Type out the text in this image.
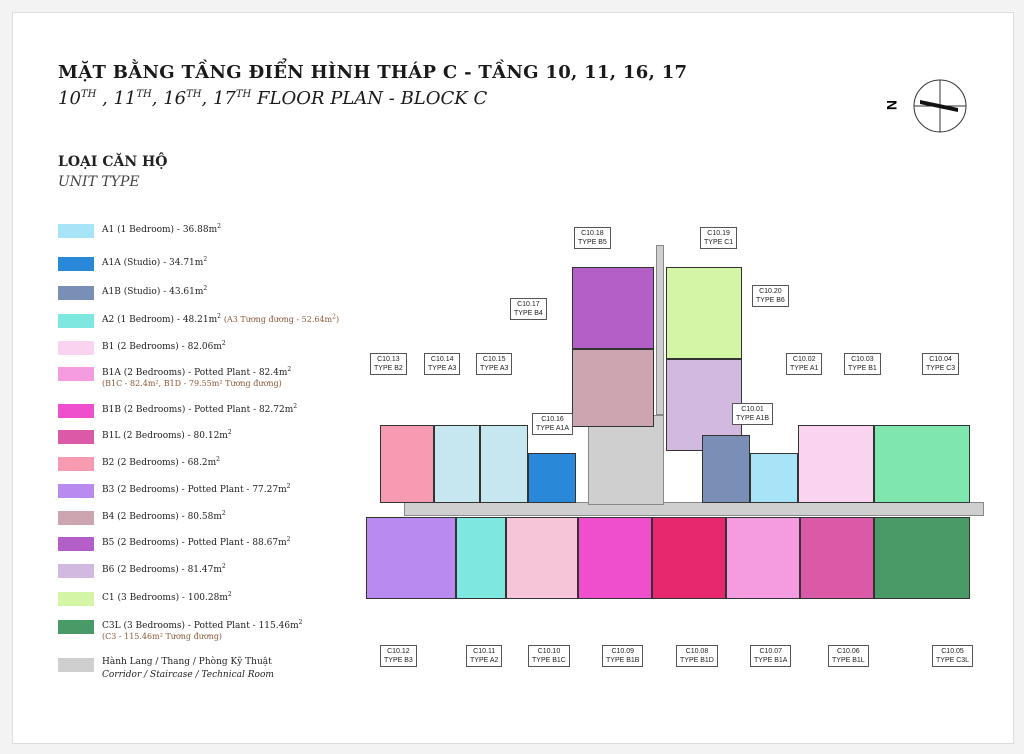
MẶT BẰNG TẦNG ĐIỂN HÌNH THÁP C - TẦNG 10, 11, 16, 17
10TH , 11TH, 16TH, 17TH FLOOR PLAN - BLOCK C
LOẠI CĂN HỘ
UNIT TYPE
N
A1 (1 Bedroom) - $36.88m^2$
A1A (Studio) - $34.71m^2$
A1B (Studio) - $43.61m^2$
A2 (1 Bedroom) - $48.21m^2$ (A3 Tương đương - $52.64m^2$)
B1 (2 Bedrooms) - $82.06m^2$
B1A (2 Bedrooms) - Potted Plant - $82.4m^2$
(B1C - 82.4m², B1D - 79.55m² Tương đương)
B1B (2 Bedrooms) - Potted Plant - $82.72m^2$
B1L (2 Bedrooms) - $80.12m^2$
B2 (2 Bedrooms) - $68.2m^2$
B3 (2 Bedrooms) - Potted Plant - $77.27m^2$
B4 (2 Bedrooms) - $80.58m^2$
B5 (2 Bedrooms) - Potted Plant - $88.67m^2$
B6 (2 Bedrooms) - $81.47m^2$
C1 (3 Bedrooms) - $100.28m^2$
C3L (3 Bedrooms) - Potted Plant - $115.46m^2$
(C3 - 115.46m² Tương đương)
Hành Lang / Thang / Phòng Kỹ Thuật
Corridor / Staircase / Technical Room
C10.18
TYPE B5
C10.19
TYPE C1
C10.17
TYPE B4
C10.20
TYPE B6
C10.13
TYPE B2
C10.14
TYPE A3
C10.15
TYPE A3
C10.16
TYPE A1A
C10.01
TYPE A1B
C10.02
TYPE A1
C10.03
TYPE B1
C10.04
TYPE C3
C10.12
TYPE B3
C10.11
TYPE A2
C10.10
TYPE B1C
C10.09
TYPE B1B
C10.08
TYPE B1D
C10.07
TYPE B1A
C10.06
TYPE B1L
C10.05
TYPE C3L
